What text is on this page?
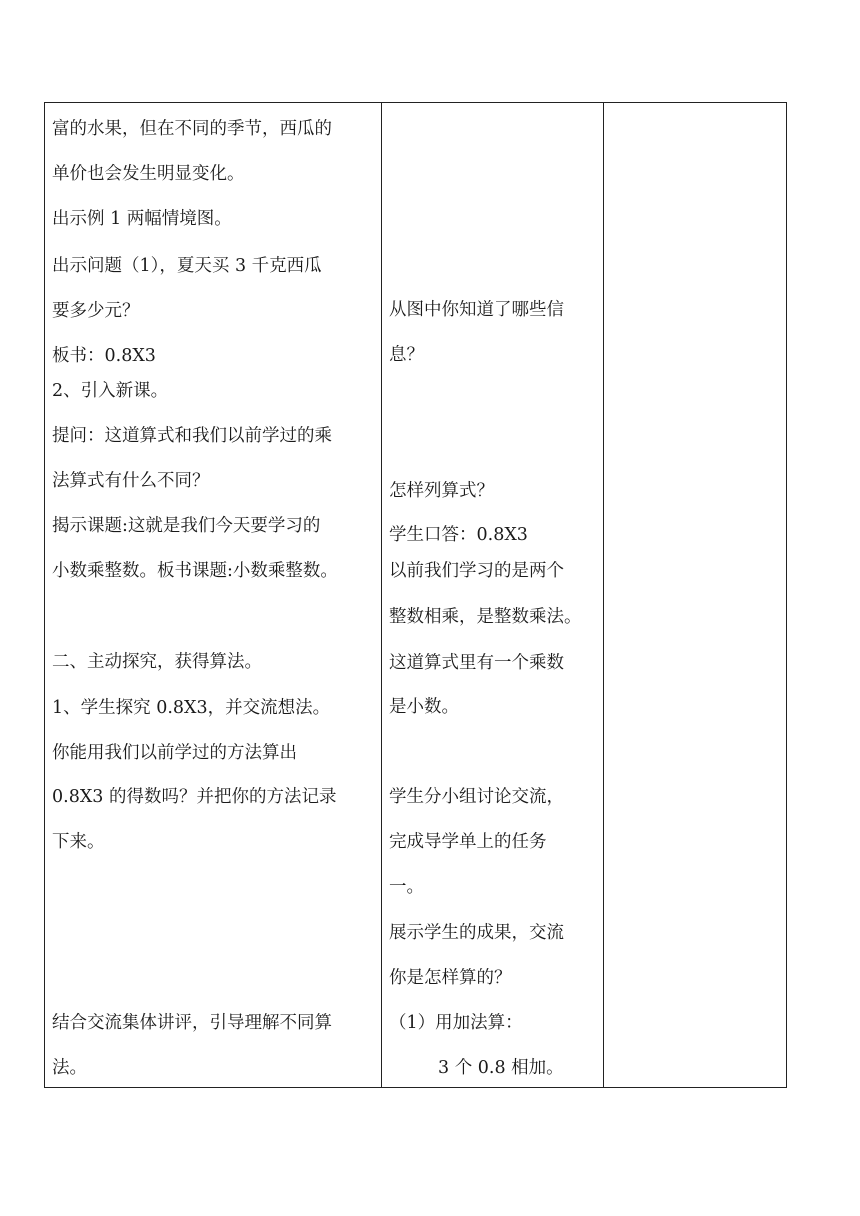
富的水果，但在不同的季节，西瓜的
单价也会发生明显变化。
出示例 1 两幅情境图。
出示问题（1），夏天买 3 千克西瓜
要多少元？
板书：0.8X3
2、引入新课。
提问：这道算式和我们以前学过的乘
法算式有什么不同？
揭示课题:这就是我们今天要学习的
小数乘整数。板书课题:小数乘整数。
二、主动探究，获得算法。
1、学生探究 0.8X3，并交流想法。
你能用我们以前学过的方法算出
0.8X3 的得数吗？并把你的方法记录
下来。
结合交流集体讲评，引导理解不同算
法。
从图中你知道了哪些信
息？
怎样列算式？
学生口答：0.8X3
以前我们学习的是两个
整数相乘，是整数乘法。
这道算式里有一个乘数
是小数。
学生分小组讨论交流，
完成导学单上的任务
一。
展示学生的成果，交流
你是怎样算的？
（1）用加法算：
3 个 0.8 相加。
